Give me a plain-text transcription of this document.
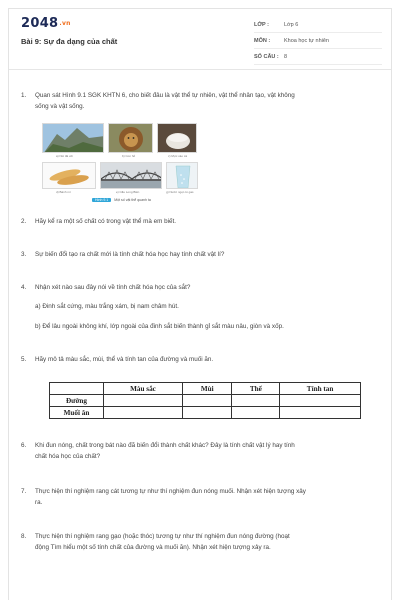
$2048^{.vn}$
Bài 9: Sự đa dạng của chất
LỚP :	Lớp 6
MÔN :	Khoa học tự nhiên
SỐ CÂU : 8
1. Quan sát Hình 9.1 SGK KHTN 6, cho biết đâu là vật thể tự nhiên, vật thể nhân tạo, vật không
sống và vật sống.
a) Núi đá vôi	b) Con hổ	c) Mực xào cà
d) Bánh mì	e) Cầu Long Biên	g) Nước ngọt có gas
Hình 9.1 Một số vật thể quanh ta
2. Hãy kể ra một số chất có trong vật thể mà em biết.
3. Sự biến đổi tạo ra chất mới là tính chất hóa học hay tính chất vật lí?
4. Nhận xét nào sau đây nói về tính chất hóa học của sắt?
a) Đinh sắt cứng, màu trắng xám, bị nam châm hút.
b) Để lâu ngoài không khí, lớp ngoài của đinh sắt biến thành gỉ sắt màu nâu, giòn và xốp.
5. Hãy mô tả màu sắc, mùi, thể và tính tan của đường và muối ăn.
	Màu sắc	Mùi	Thể	Tính tan
Đường				
Muối ăn				
6. Khi đun nóng, chất trong bát nào đã biến đổi thành chất khác? Đây là tính chất vật lý hay tính
chất hóa học của chất?
7. Thực hiện thí nghiệm rang cát tương tự như thí nghiệm đun nóng muối. Nhận xét hiện tượng xảy
ra.
8. Thực hiện thí nghiệm rang gạo (hoặc thóc) tương tự như thí nghiệm đun nóng đường (hoạt
động Tìm hiểu một số tính chất của đường và muối ăn). Nhận xét hiện tượng xảy ra.
